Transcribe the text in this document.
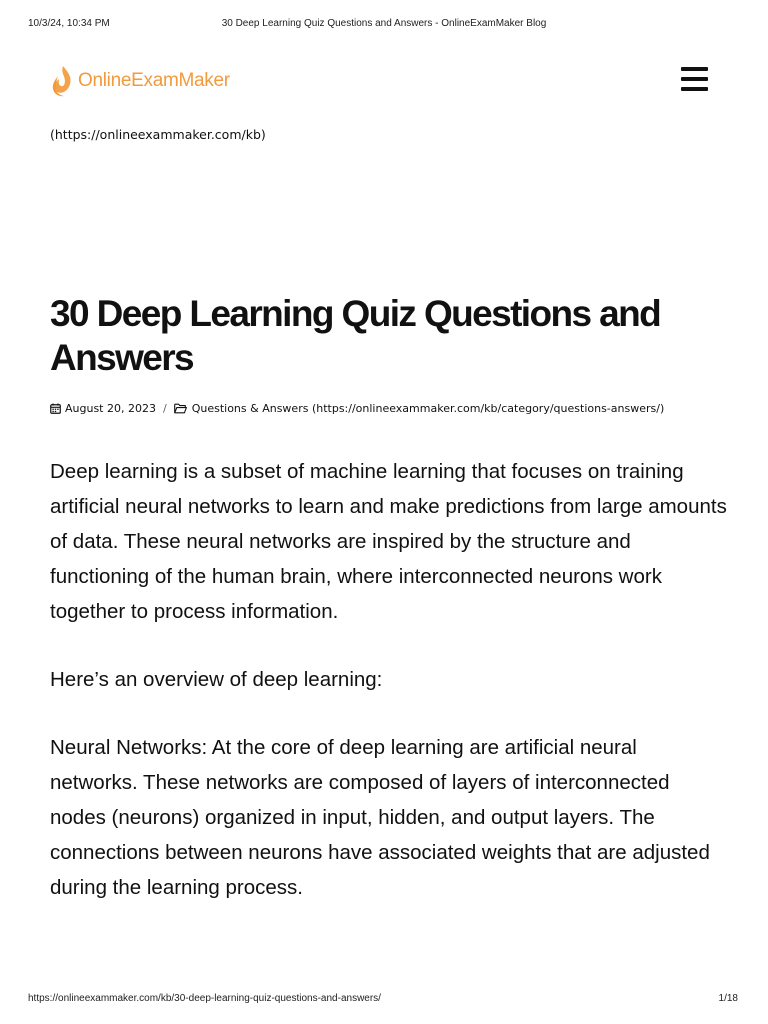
10/3/24, 10:34 PM	30 Deep Learning Quiz Questions and Answers - OnlineExamMaker Blog
OnlineExamMaker
(https://onlineexammaker.com/kb)
30 Deep Learning Quiz Questions and Answers
August 20, 2023 / Questions & Answers (https://onlineexammaker.com/kb/category/questions-answers/)

Deep learning is a subset of machine learning that focuses on training artificial neural networks to learn and make predictions from large amounts of data. These neural networks are inspired by the structure and functioning of the human brain, where interconnected neurons work together to process information.

Here’s an overview of deep learning:

Neural Networks: At the core of deep learning are artificial neural networks. These networks are composed of layers of interconnected nodes (neurons) organized in input, hidden, and output layers. The connections between neurons have associated weights that are adjusted during the learning process.

https://onlineexammaker.com/kb/30-deep-learning-quiz-questions-and-answers/	1/18
